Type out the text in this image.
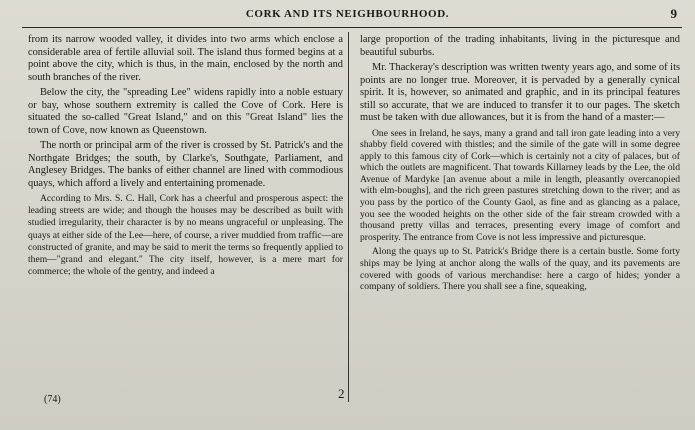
CORK AND ITS NEIGHBOURHOOD.	9

from its narrow wooded valley, it divides into two arms which enclose a considerable area of fertile alluvial soil. The island thus formed begins at a point above the city, which is thus, in the main, enclosed by the north and south branches of the river.

Below the city, the "spreading Lee" widens rapidly into a noble estuary or bay, whose southern extremity is called the Cove of Cork. Here is situated the so-called "Great Island," and on this "Great Island" lies the town of Cove, now known as Queenstown.

The north or principal arm of the river is crossed by St. Patrick's and the Northgate Bridges; the south, by Clarke's, Southgate, Parliament, and Anglesey Bridges. The banks of either channel are lined with commodious quays, which afford a lively and entertaining promenade.

According to Mrs. S. C. Hall, Cork has a cheerful and prosperous aspect: the leading streets are wide; and though the houses may be described as built with studied irregularity, their character is by no means ungraceful or unpleasing. The quays at either side of the Lee—here, of course, a river muddied from traffic—are constructed of granite, and may be said to merit the terms so frequently applied to them—"grand and elegant." The city itself, however, is a mere mart for commerce; the whole of the gentry, and indeed a

large proportion of the trading inhabitants, living in the picturesque and beautiful suburbs.

Mr. Thackeray's description was written twenty years ago, and some of its points are no longer true. Moreover, it is pervaded by a generally cynical spirit. It is, however, so animated and graphic, and in its principal features still so accurate, that we are induced to transfer it to our pages. The sketch must be taken with due allowances, but it is from the hand of a master:—

One sees in Ireland, he says, many a grand and tall iron gate leading into a very shabby field covered with thistles; and the simile of the gate will in some degree apply to this famous city of Cork—which is certainly not a city of palaces, but of which the outlets are magnificent. That towards Killarney leads by the Lee, the old Avenue of Mardyke [an avenue about a mile in length, pleasantly overcanopied with elm-boughs], and the rich green pastures stretching down to the river; and as you pass by the portico of the County Gaol, as fine and as glancing as a palace, you see the wooded heights on the other side of the fair stream crowded with a thousand pretty villas and terraces, presenting every image of comfort and prosperity. The entrance from Cove is not less impressive and picturesque.

Along the quays up to St. Patrick's Bridge there is a certain bustle. Some forty ships may be lying at anchor along the walls of the quay, and its pavements are covered with goods of various merchandise: here a cargo of hides; yonder a company of soldiers. There you shall see a fine, squeaking,

(74)	2
